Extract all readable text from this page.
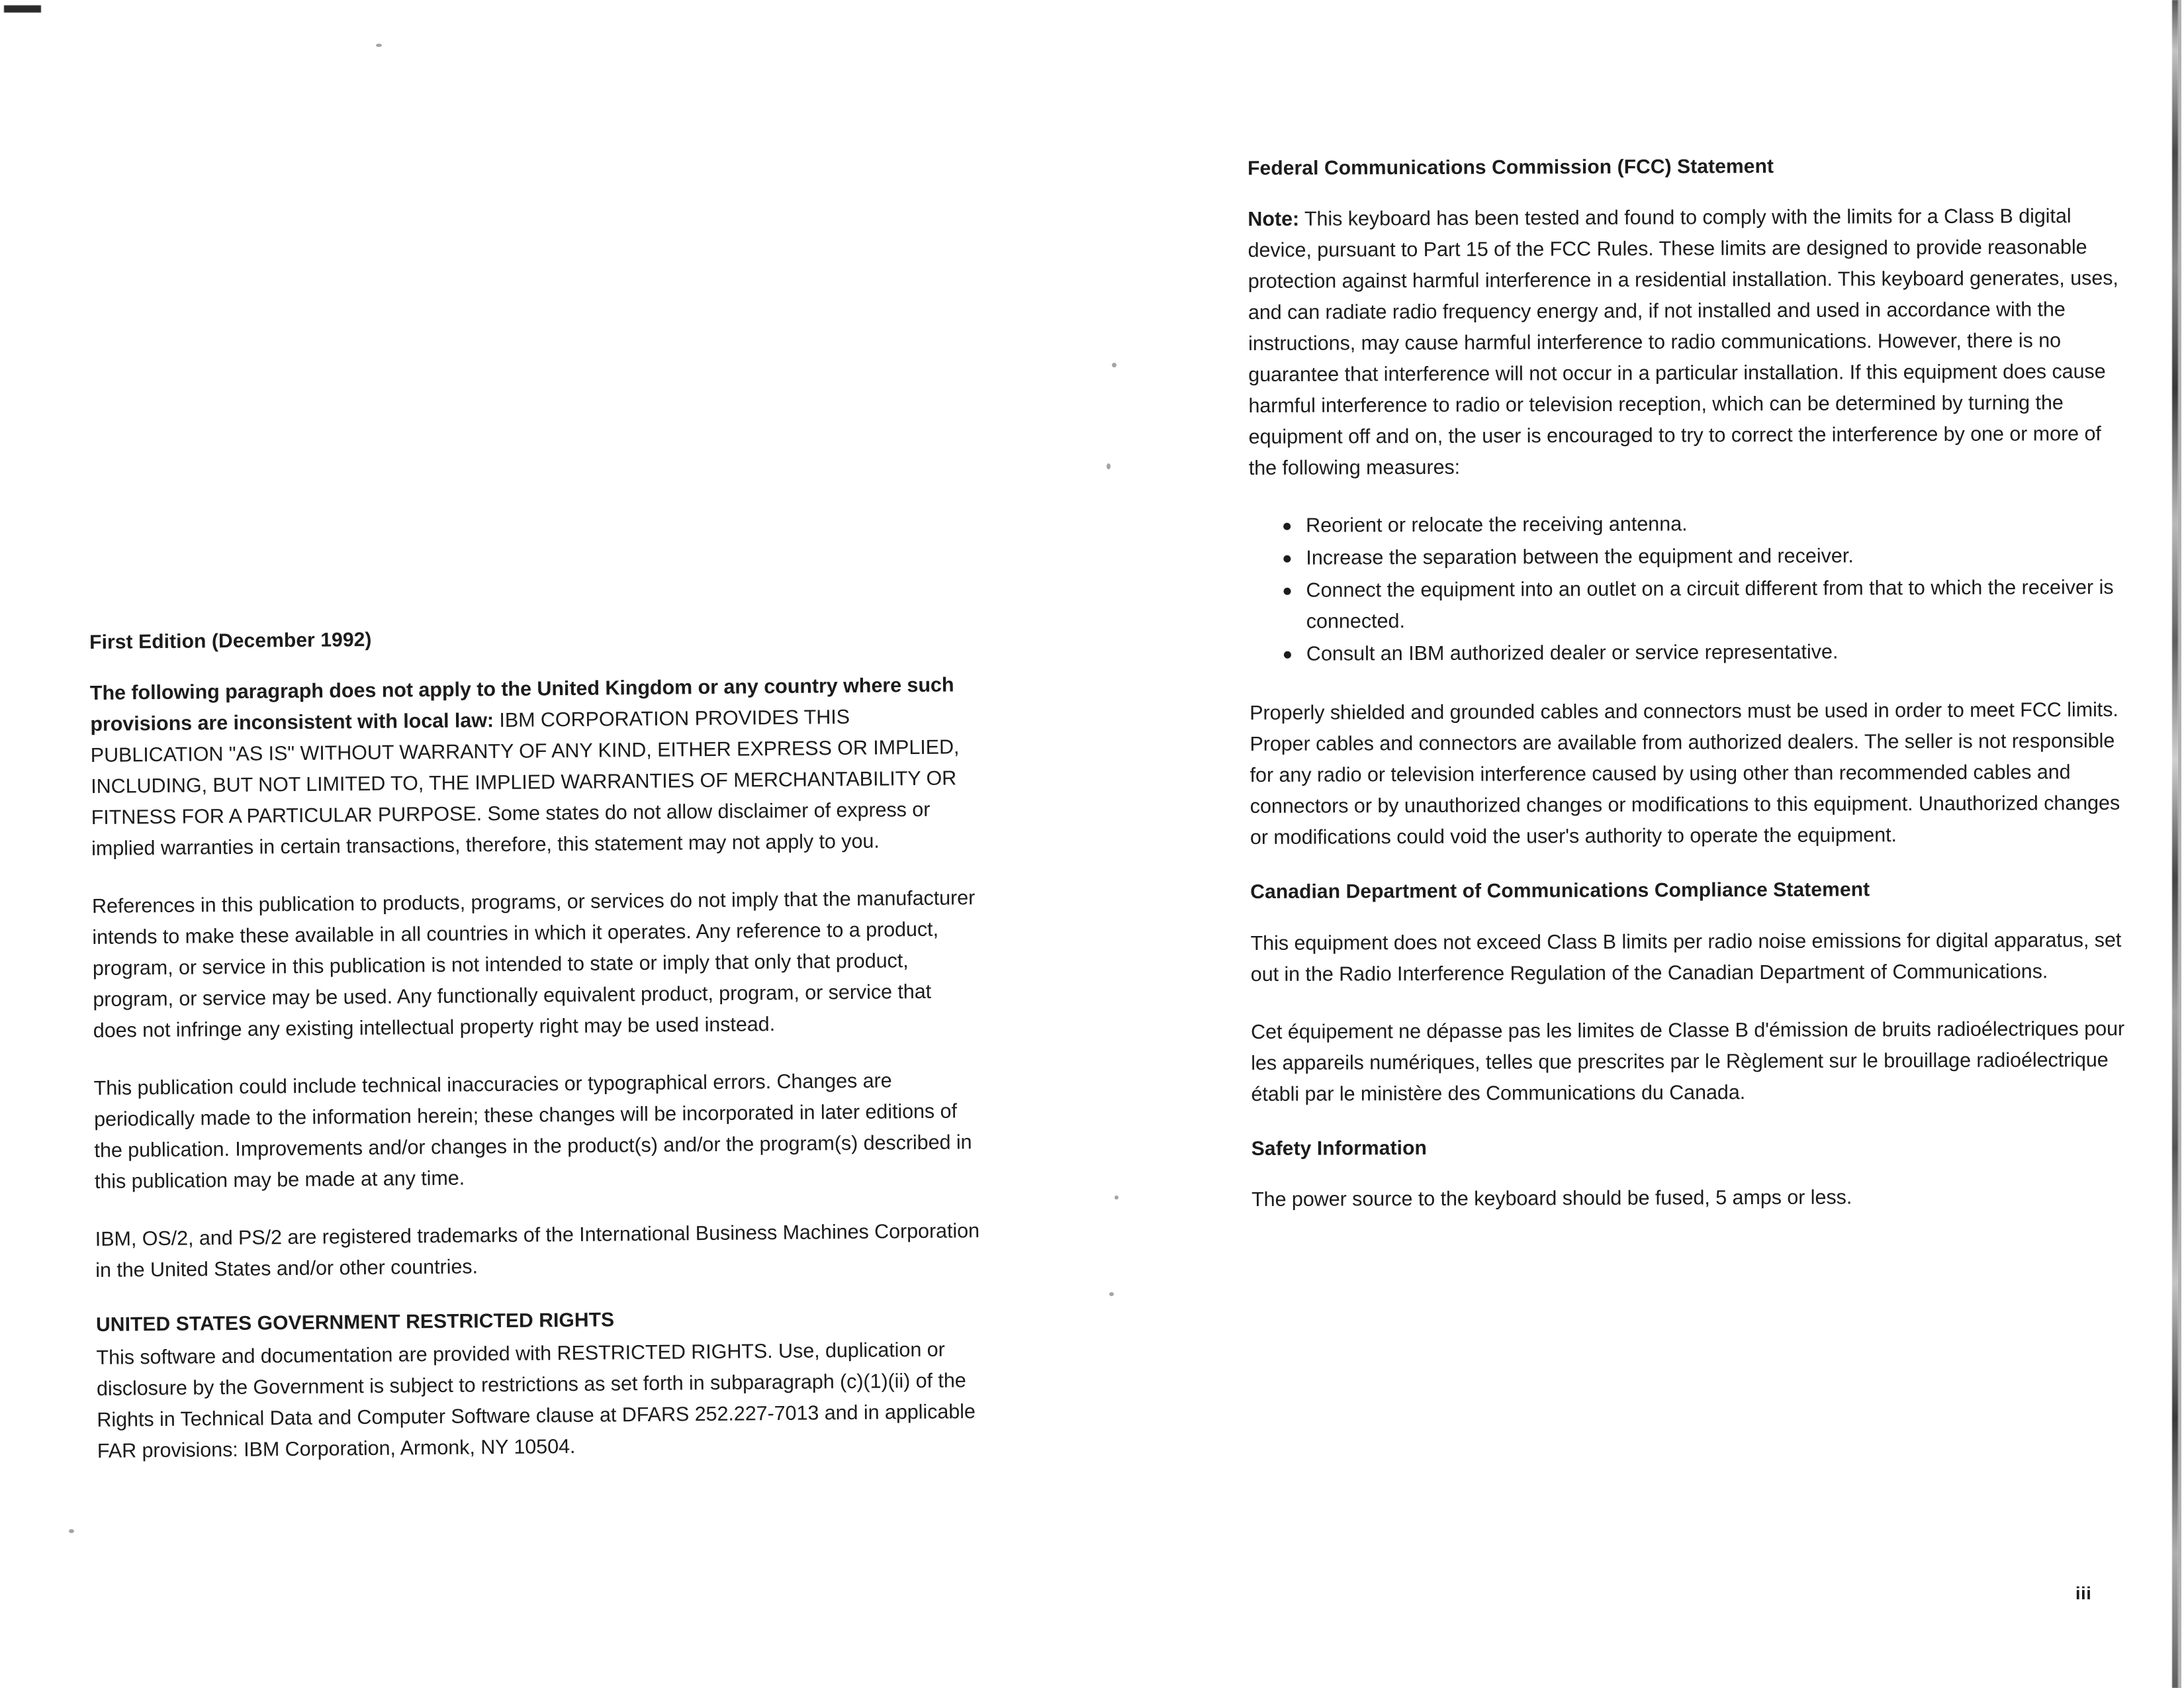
First Edition (December 1992)

The following paragraph does not apply to the United Kingdom or any country where such provisions are inconsistent with local law: IBM CORPORATION PROVIDES THIS PUBLICATION "AS IS" WITHOUT WARRANTY OF ANY KIND, EITHER EXPRESS OR IMPLIED, INCLUDING, BUT NOT LIMITED TO, THE IMPLIED WARRANTIES OF MERCHANTABILITY OR FITNESS FOR A PARTICULAR PURPOSE. Some states do not allow disclaimer of express or implied warranties in certain transactions, therefore, this statement may not apply to you.

References in this publication to products, programs, or services do not imply that the manufacturer intends to make these available in all countries in which it operates. Any reference to a product, program, or service in this publication is not intended to state or imply that only that product, program, or service may be used. Any functionally equivalent product, program, or service that does not infringe any existing intellectual property right may be used instead.

This publication could include technical inaccuracies or typographical errors. Changes are periodically made to the information herein; these changes will be incorporated in later editions of the publication. Improvements and/or changes in the product(s) and/or the program(s) described in this publication may be made at any time.

IBM, OS/2, and PS/2 are registered trademarks of the International Business Machines Corporation in the United States and/or other countries.

UNITED STATES GOVERNMENT RESTRICTED RIGHTS

This software and documentation are provided with RESTRICTED RIGHTS. Use, duplication or disclosure by the Government is subject to restrictions as set forth in subparagraph (c)(1)(ii) of the Rights in Technical Data and Computer Software clause at DFARS 252.227-7013 and in applicable FAR provisions: IBM Corporation, Armonk, NY 10504.

Federal Communications Commission (FCC) Statement

Note: This keyboard has been tested and found to comply with the limits for a Class B digital device, pursuant to Part 15 of the FCC Rules. These limits are designed to provide reasonable protection against harmful interference in a residential installation. This keyboard generates, uses, and can radiate radio frequency energy and, if not installed and used in accordance with the instructions, may cause harmful interference to radio communications. However, there is no guarantee that interference will not occur in a particular installation. If this equipment does cause harmful interference to radio or television reception, which can be determined by turning the equipment off and on, the user is encouraged to try to correct the interference by one or more of the following measures:

Reorient or relocate the receiving antenna.
Increase the separation between the equipment and receiver.
Connect the equipment into an outlet on a circuit different from that to which the receiver is connected.
Consult an IBM authorized dealer or service representative.

Properly shielded and grounded cables and connectors must be used in order to meet FCC limits. Proper cables and connectors are available from authorized dealers. The seller is not responsible for any radio or television interference caused by using other than recommended cables and connectors or by unauthorized changes or modifications to this equipment. Unauthorized changes or modifications could void the user's authority to operate the equipment.

Canadian Department of Communications Compliance Statement

This equipment does not exceed Class B limits per radio noise emissions for digital apparatus, set out in the Radio Interference Regulation of the Canadian Department of Communications.

Cet équipement ne dépasse pas les limites de Classe B d'émission de bruits radioélectriques pour les appareils numériques, telles que prescrites par le Règlement sur le brouillage radioélectrique établi par le ministère des Communications du Canada.

Safety Information

The power source to the keyboard should be fused, 5 amps or less.

iii
